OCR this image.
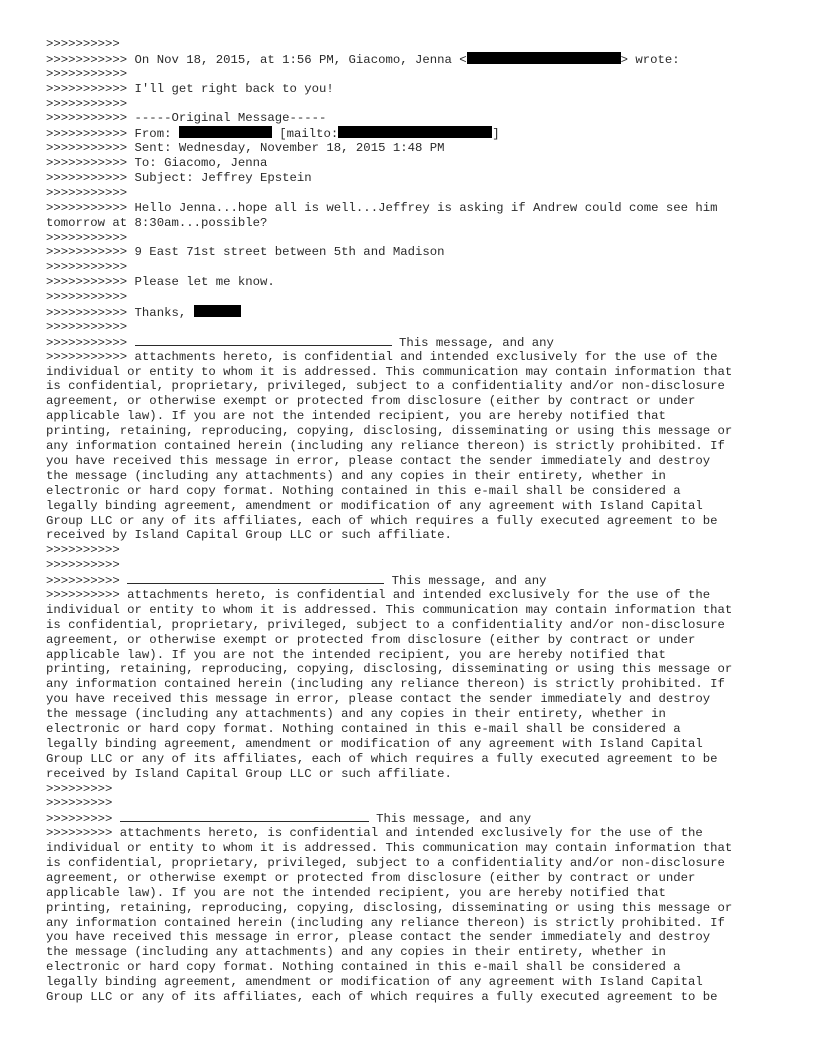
>>>>>>>>>>
>>>>>>>>>>> On Nov 18, 2015, at 1:56 PM, Giacomo, Jenna <	> wrote:
>>>>>>>>>>>
>>>>>>>>>>> I'll get right back to you!
>>>>>>>>>>>
>>>>>>>>>>> -----Original Message-----
>>>>>>>>>>> From:	[mailto:	]
>>>>>>>>>>> Sent: Wednesday, November 18, 2015 1:48 PM
>>>>>>>>>>> To: Giacomo, Jenna
>>>>>>>>>>> Subject: Jeffrey Epstein
>>>>>>>>>>>
>>>>>>>>>>> Hello Jenna...hope all is well...Jeffrey is asking if Andrew could come see him
tomorrow at 8:30am...possible?
>>>>>>>>>>>
>>>>>>>>>>> 9 East 71st street between 5th and Madison
>>>>>>>>>>>
>>>>>>>>>>> Please let me know.
>>>>>>>>>>>
>>>>>>>>>>> Thanks,
>>>>>>>>>>>
>>>>>>>>>>>	This message, and any
>>>>>>>>>>> attachments hereto, is confidential and intended exclusively for the use of the
individual or entity to whom it is addressed. This communication may contain information that
is confidential, proprietary, privileged, subject to a confidentiality and/or non-disclosure
agreement, or otherwise exempt or protected from disclosure (either by contract or under
applicable law). If you are not the intended recipient, you are hereby notified that
printing, retaining, reproducing, copying, disclosing, disseminating or using this message or
any information contained herein (including any reliance thereon) is strictly prohibited. If
you have received this message in error, please contact the sender immediately and destroy
the message (including any attachments) and any copies in their entirety, whether in
electronic or hard copy format. Nothing contained in this e-mail shall be considered a
legally binding agreement, amendment or modification of any agreement with Island Capital
Group LLC or any of its affiliates, each of which requires a fully executed agreement to be
received by Island Capital Group LLC or such affiliate.
>>>>>>>>>>
>>>>>>>>>>
>>>>>>>>>>	This message, and any
>>>>>>>>>> attachments hereto, is confidential and intended exclusively for the use of the
individual or entity to whom it is addressed. This communication may contain information that
is confidential, proprietary, privileged, subject to a confidentiality and/or non-disclosure
agreement, or otherwise exempt or protected from disclosure (either by contract or under
applicable law). If you are not the intended recipient, you are hereby notified that
printing, retaining, reproducing, copying, disclosing, disseminating or using this message or
any information contained herein (including any reliance thereon) is strictly prohibited. If
you have received this message in error, please contact the sender immediately and destroy
the message (including any attachments) and any copies in their entirety, whether in
electronic or hard copy format. Nothing contained in this e-mail shall be considered a
legally binding agreement, amendment or modification of any agreement with Island Capital
Group LLC or any of its affiliates, each of which requires a fully executed agreement to be
received by Island Capital Group LLC or such affiliate.
>>>>>>>>>
>>>>>>>>>
>>>>>>>>>	This message, and any
>>>>>>>>> attachments hereto, is confidential and intended exclusively for the use of the
individual or entity to whom it is addressed. This communication may contain information that
is confidential, proprietary, privileged, subject to a confidentiality and/or non-disclosure
agreement, or otherwise exempt or protected from disclosure (either by contract or under
applicable law). If you are not the intended recipient, you are hereby notified that
printing, retaining, reproducing, copying, disclosing, disseminating or using this message or
any information contained herein (including any reliance thereon) is strictly prohibited. If
you have received this message in error, please contact the sender immediately and destroy
the message (including any attachments) and any copies in their entirety, whether in
electronic or hard copy format. Nothing contained in this e-mail shall be considered a
legally binding agreement, amendment or modification of any agreement with Island Capital
Group LLC or any of its affiliates, each of which requires a fully executed agreement to be
